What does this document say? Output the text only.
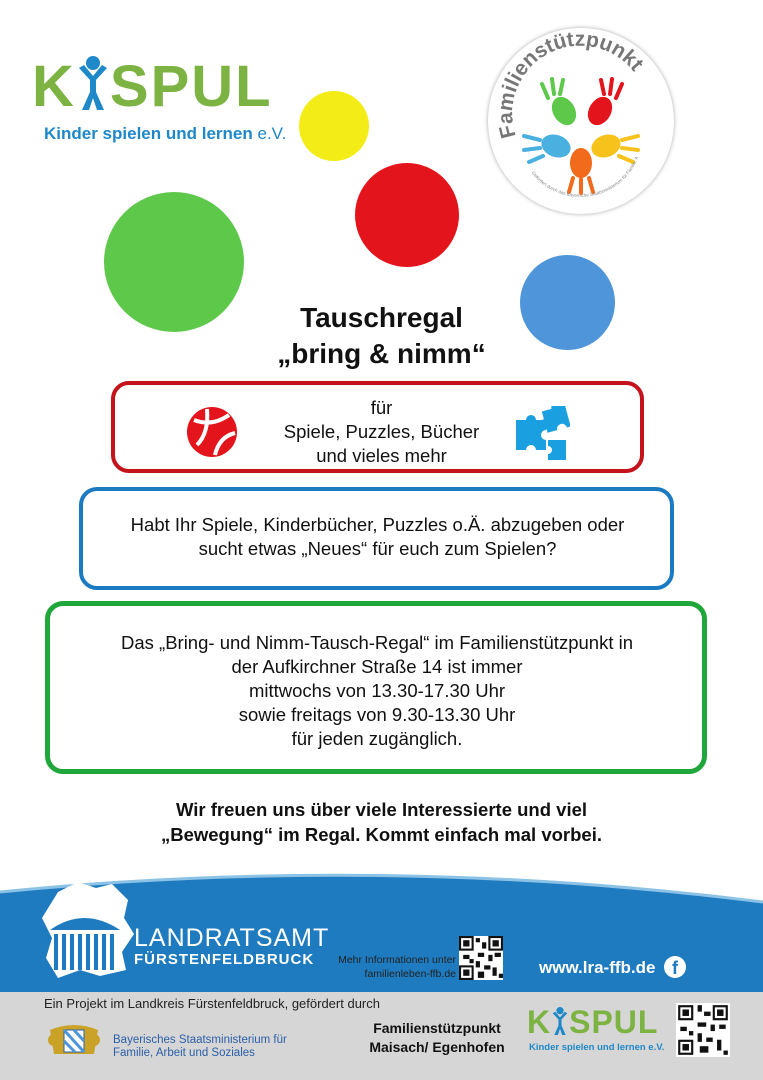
K SPUL
Kinder spielen und lernen e.V.	Familienstützpunkt
Gefördert durch das Bayerische Staatsministerium für Familie, A
Tauschregal
„bring & nimm“
für
Spiele, Puzzles, Bücher
und vieles mehr
Habt Ihr Spiele, Kinderbücher, Puzzles o.Ä. abzugeben oder
sucht etwas „Neues“ für euch zum Spielen?
Das „Bring- und Nimm-Tausch-Regal“ im Familienstützpunkt in
der Aufkirchner Straße 14 ist immer
mittwochs von 13.30-17.30 Uhr
sowie freitags von 9.30-13.30 Uhr
für jeden zugänglich.
Wir freuen uns über viele Interessierte und viel
„Bewegung“ im Regal. Kommt einfach mal vorbei.
LANDRATSAMT
FÜRSTENFELDBRUCK	Mehr Informationen unter
familienleben-ffb.de	www.lra-ffb.de f
Ein Projekt im Landkreis Fürstenfeldbruck, gefördert durch
Bayerisches Staatsministerium für
Familie, Arbeit und Soziales
Familienstützpunkt
Maisach/ Egenhofen
K SPUL
Kinder spielen und lernen e.V.
